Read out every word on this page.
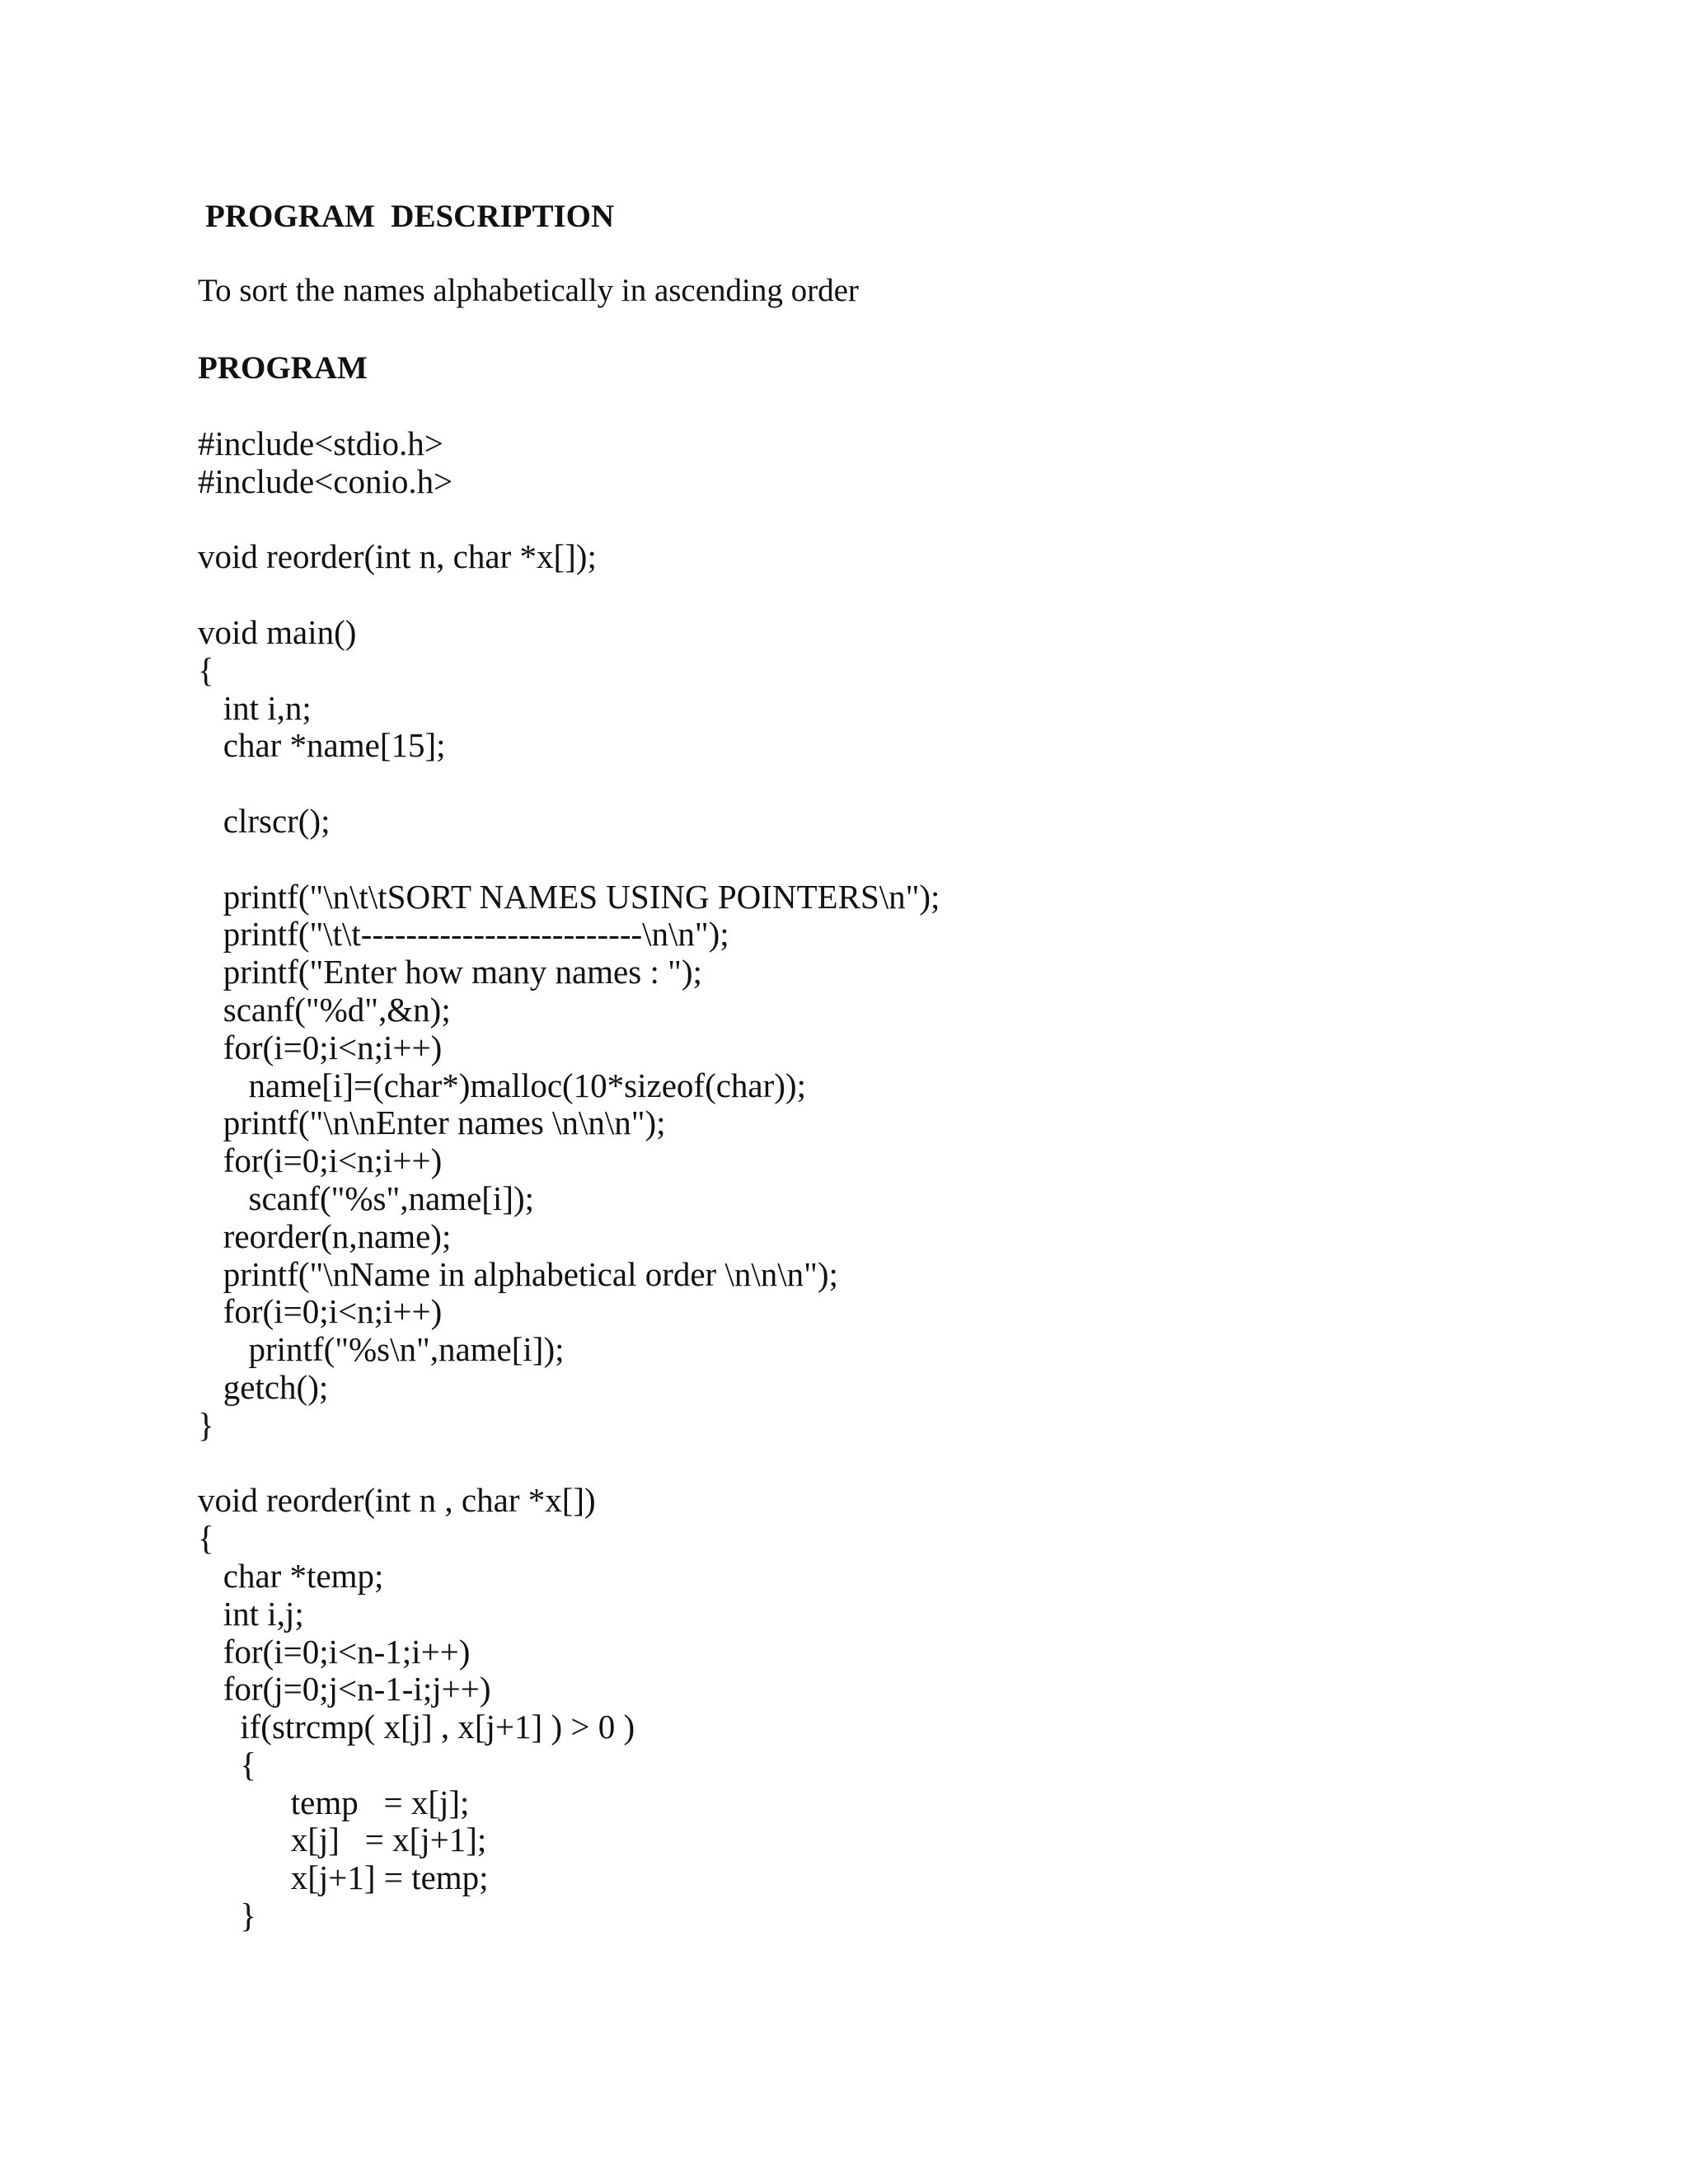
PROGRAM  DESCRIPTION

To sort the names alphabetically in ascending order

PROGRAM
#include<stdio.h>
#include<conio.h>
void reorder(int n, char *x[]);
void main()
{
int i,n;
char *name[15];
clrscr();
printf("\n\t\tSORT NAMES USING POINTERS\n");
printf("\t\t-------------------------\n\n");
printf("Enter how many names : ");
scanf("%d",&n);
for(i=0;i<n;i++)
name[i]=(char*)malloc(10*sizeof(char));
printf("\n\nEnter names \n\n\n");
for(i=0;i<n;i++)
scanf("%s",name[i]);
reorder(n,name);
printf("\nName in alphabetical order \n\n\n");
for(i=0;i<n;i++)
printf("%s\n",name[i]);
getch();
}
void reorder(int n , char *x[])
{
char *temp;
int i,j;
for(i=0;i<n-1;i++)
for(j=0;j<n-1-i;j++)
if(strcmp( x[j] , x[j+1] ) > 0 )
{
temp   = x[j];
x[j]   = x[j+1];
x[j+1] = temp;
}
